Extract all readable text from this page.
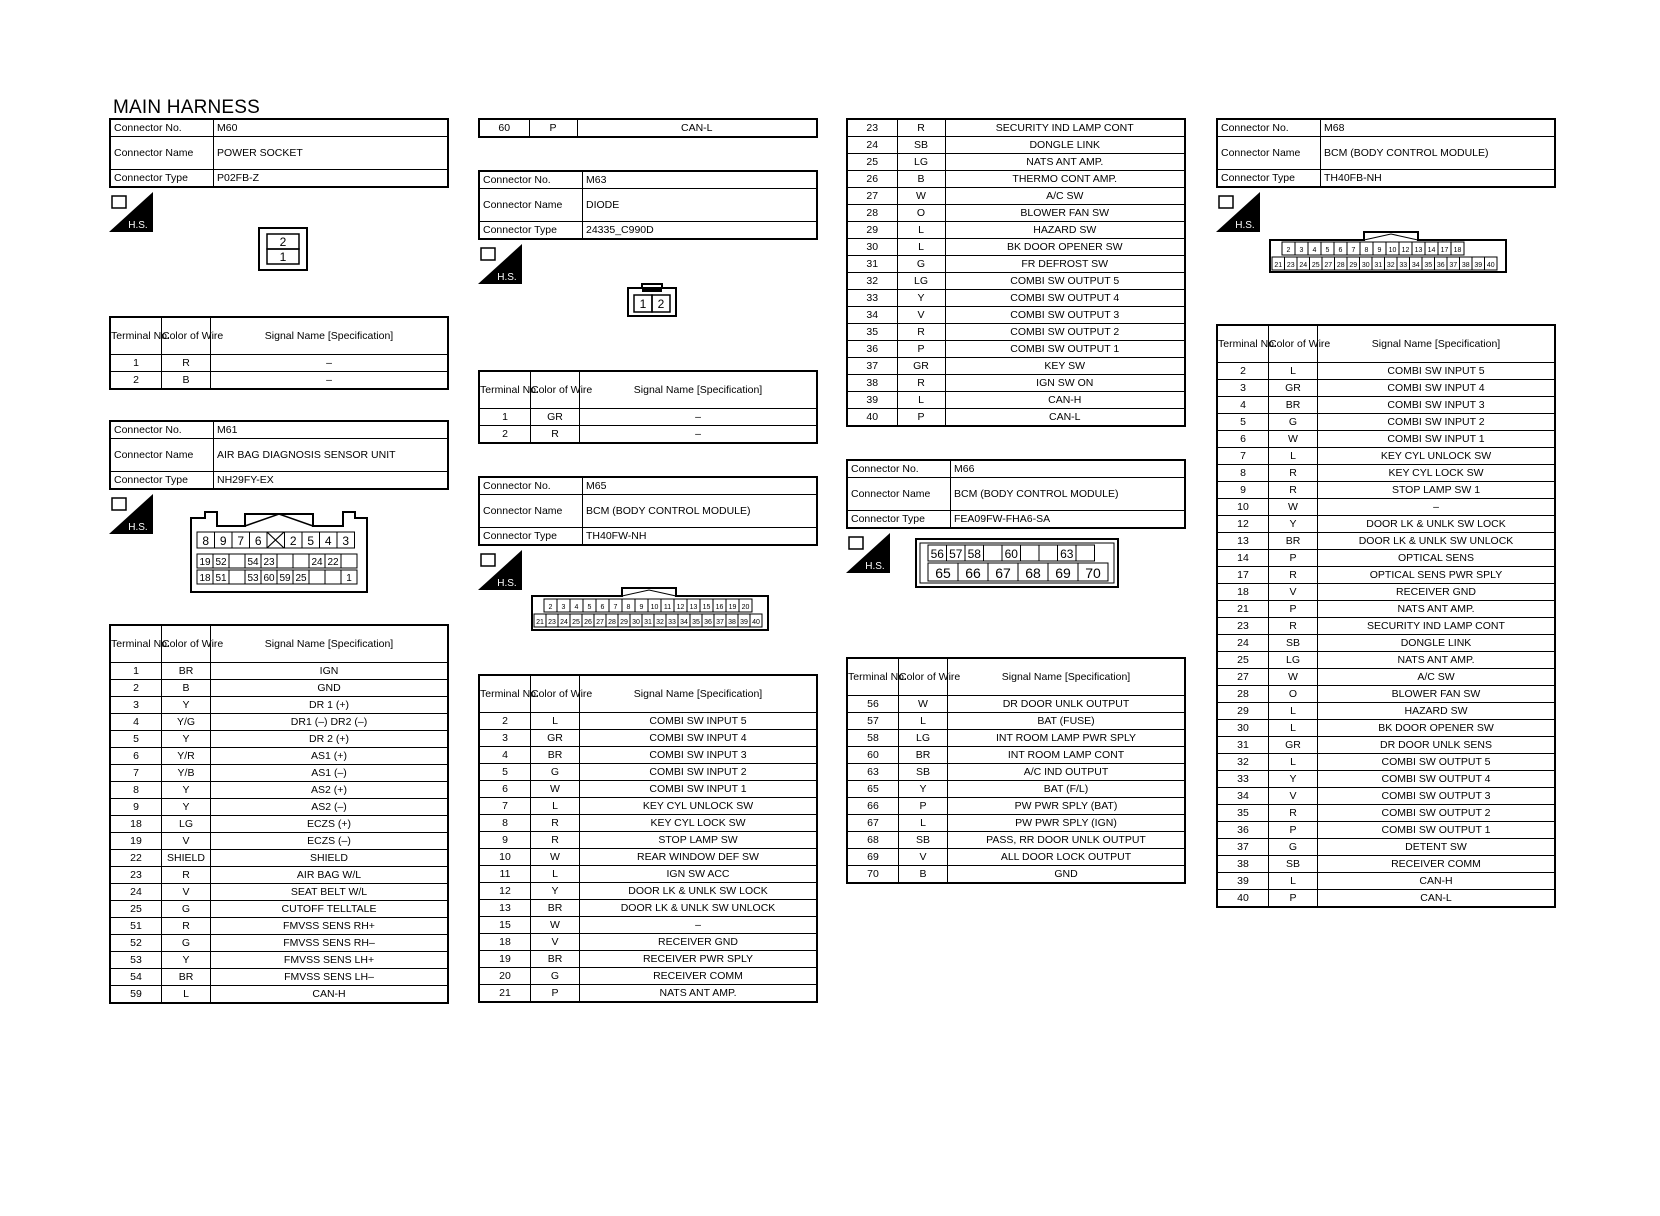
MAIN HARNESS
Connector No.	M60
Connector Name	POWER SOCKET
Connector Type	P02FB-Z
H.S.
2
1
Terminal No.	Color of Wire	Signal Name [Specification]
1	R	–
2	B	–
Connector No.	M61
Connector Name	AIR BAG DIAGNOSIS SENSOR UNIT
Connector Type	NH29FY-EX
H.S.
8 9 7 6 2 5 4 3
19 52 54 23	24 22
18 51 53 60 59 25	1
Terminal No.	Color of Wire	Signal Name [Specification]
1	BR	IGN
2	B	GND
3	Y	DR 1 (+)
4	Y/G	DR1 (–) DR2 (–)
5	Y	DR 2 (+)
6	Y/R	AS1 (+)
7	Y/B	AS1 (–)
8	Y	AS2 (+)
9	Y	AS2 (–)
18	LG	ECZS (+)
19	V	ECZS (–)
22	SHIELD	SHIELD
23	R	AIR BAG W/L
24	V	SEAT BELT W/L
25	G	CUTOFF TELLTALE
51	R	FMVSS SENS RH+
52	G	FMVSS SENS RH–
53	Y	FMVSS SENS LH+
54	BR	FMVSS SENS LH–
59	L	CAN-H
60	P	CAN-L
Connector No.	M63
Connector Name	DIODE
Connector Type	24335_C990D
H.S.
1 2
Terminal No.	Color of Wire	Signal Name [Specification]
1	GR	–
2	R	–
Connector No.	M65
Connector Name	BCM (BODY CONTROL MODULE)
Connector Type	TH40FW-NH
H.S.
2 3 4 5 6 7 8 9 10 11 12 13 15 16 19 20
21 23 24 25 26 27 28 29 30 31 32 33 34 35 36 37 38 39 40
Terminal No.	Color of Wire	Signal Name [Specification]
2	L	COMBI SW INPUT 5
3	GR	COMBI SW INPUT 4
4	BR	COMBI SW INPUT 3
5	G	COMBI SW INPUT 2
6	W	COMBI SW INPUT 1
7	L	KEY CYL UNLOCK SW
8	R	KEY CYL LOCK SW
9	R	STOP LAMP SW
10	W	REAR WINDOW DEF SW
11	L	IGN SW ACC
12	Y	DOOR LK & UNLK SW LOCK
13	BR	DOOR LK & UNLK SW UNLOCK
15	W	–
18	V	RECEIVER GND
19	BR	RECEIVER PWR SPLY
20	G	RECEIVER COMM
21	P	NATS ANT AMP.
23	R	SECURITY IND LAMP CONT
24	SB	DONGLE LINK
25	LG	NATS ANT AMP.
26	B	THERMO CONT AMP.
27	W	A/C SW
28	O	BLOWER FAN SW
29	L	HAZARD SW
30	L	BK DOOR OPENER SW
31	G	FR DEFROST SW
32	LG	COMBI SW OUTPUT 5
33	Y	COMBI SW OUTPUT 4
34	V	COMBI SW OUTPUT 3
35	R	COMBI SW OUTPUT 2
36	P	COMBI SW OUTPUT 1
37	GR	KEY SW
38	R	IGN SW ON
39	L	CAN-H
40	P	CAN-L
Connector No.	M66
Connector Name	BCM (BODY CONTROL MODULE)
Connector Type	FEA09FW-FHA6-SA
H.S.
56 57 58 60	63
65 66 67 68 69 70
Terminal No.	Color of Wire	Signal Name [Specification]
56	W	DR DOOR UNLK OUTPUT
57	L	BAT (FUSE)
58	LG	INT ROOM LAMP PWR SPLY
60	BR	INT ROOM LAMP CONT
63	SB	A/C IND OUTPUT
65	Y	BAT (F/L)
66	P	PW PWR SPLY (BAT)
67	L	PW PWR SPLY (IGN)
68	SB	PASS, RR DOOR UNLK OUTPUT
69	V	ALL DOOR LOCK OUTPUT
70	B	GND
Connector No.	M68
Connector Name	BCM (BODY CONTROL MODULE)
Connector Type	TH40FB-NH
H.S.
2 3 4 5 6 7 8 9 10 12 13 14 17 18
21 23 24 25 27 28 29 30 31 32 33 34 35 36 37 38 39 40
Terminal No.	Color of Wire	Signal Name [Specification]
2	L	COMBI SW INPUT 5
3	GR	COMBI SW INPUT 4
4	BR	COMBI SW INPUT 3
5	G	COMBI SW INPUT 2
6	W	COMBI SW INPUT 1
7	L	KEY CYL UNLOCK SW
8	R	KEY CYL LOCK SW
9	R	STOP LAMP SW 1
10	W	–
12	Y	DOOR LK & UNLK SW LOCK
13	BR	DOOR LK & UNLK SW UNLOCK
14	P	OPTICAL SENS
17	R	OPTICAL SENS PWR SPLY
18	V	RECEIVER GND
21	P	NATS ANT AMP.
23	R	SECURITY IND LAMP CONT
24	SB	DONGLE LINK
25	LG	NATS ANT AMP.
27	W	A/C SW
28	O	BLOWER FAN SW
29	L	HAZARD SW
30	L	BK DOOR OPENER SW
31	GR	DR DOOR UNLK SENS
32	L	COMBI SW OUTPUT 5
33	Y	COMBI SW OUTPUT 4
34	V	COMBI SW OUTPUT 3
35	R	COMBI SW OUTPUT 2
36	P	COMBI SW OUTPUT 1
37	G	DETENT SW
38	SB	RECEIVER COMM
39	L	CAN-H
40	P	CAN-L
